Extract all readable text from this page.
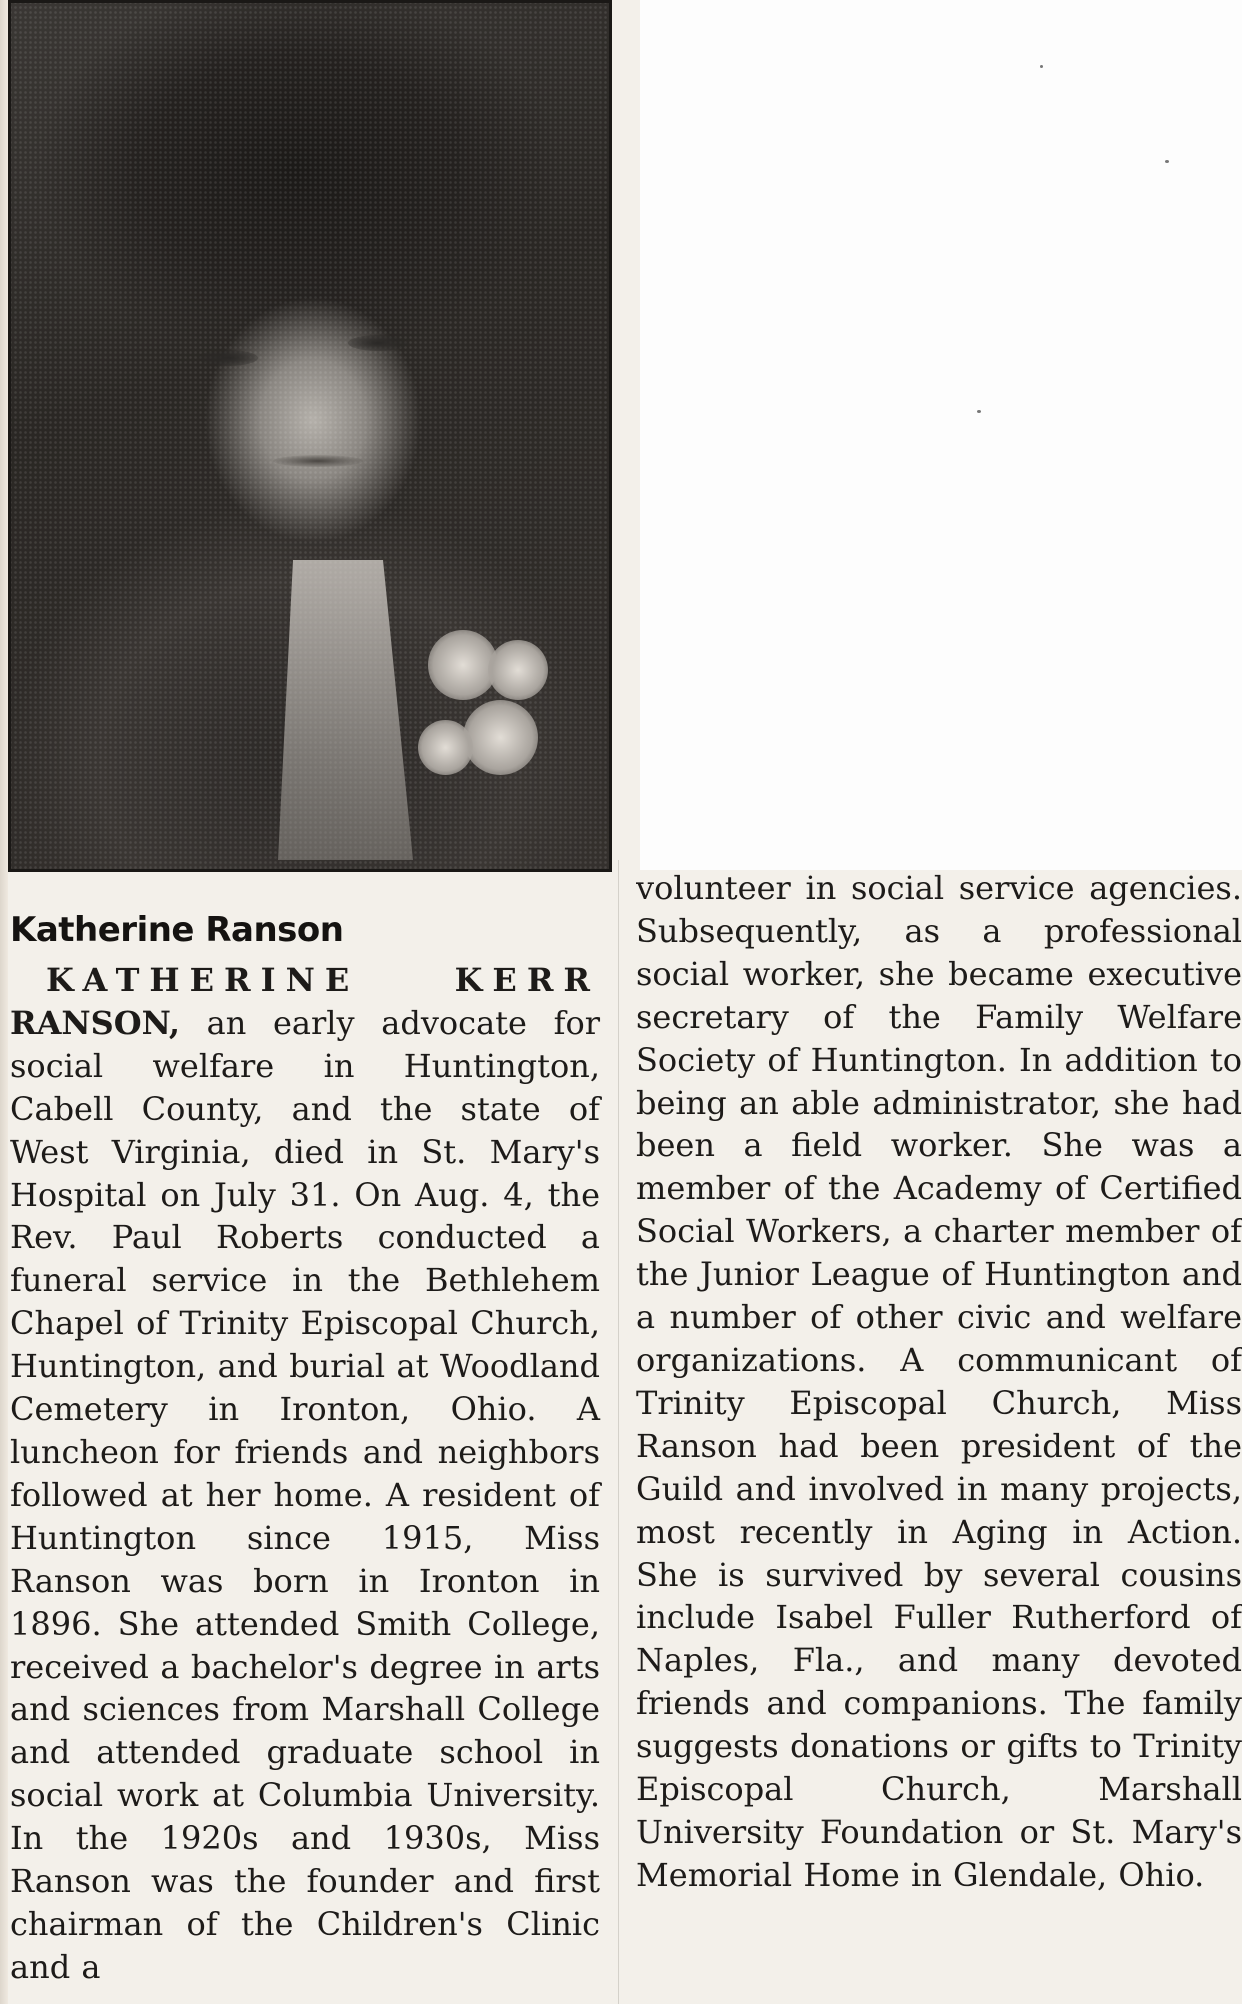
Katherine Ranson

KATHERINE KERR RANSON, an early advocate for social welfare in Huntington, Cabell County, and the state of West Virginia, died in St. Mary's Hospital on July 31. On Aug. 4, the Rev. Paul Roberts conducted a funeral service in the Bethlehem Chapel of Trinity Episcopal Church, Huntington, and burial at Woodland Cemetery in Ironton, Ohio. A luncheon for friends and neighbors followed at her home. A resident of Huntington since 1915, Miss Ranson was born in Ironton in 1896. She attended Smith College, received a bachelor's degree in arts and sciences from Marshall College and attended graduate school in social work at Columbia University. In the 1920s and 1930s, Miss Ranson was the founder and first chairman of the Children's Clinic and a

volunteer in social service agencies. Subsequently, as a professional social worker, she became executive secretary of the Family Welfare Society of Huntington. In addition to being an able administrator, she had been a field worker. She was a member of the Academy of Certified Social Workers, a charter member of the Junior League of Huntington and a number of other civic and welfare organizations. A communicant of Trinity Episcopal Church, Miss Ranson had been president of the Guild and involved in many projects, most recently in Aging in Action. She is survived by several cousins include Isabel Fuller Rutherford of Naples, Fla., and many devoted friends and companions. The family suggests donations or gifts to Trinity Episcopal Church, Marshall University Foundation or St. Mary's Memorial Home in Glendale, Ohio.
